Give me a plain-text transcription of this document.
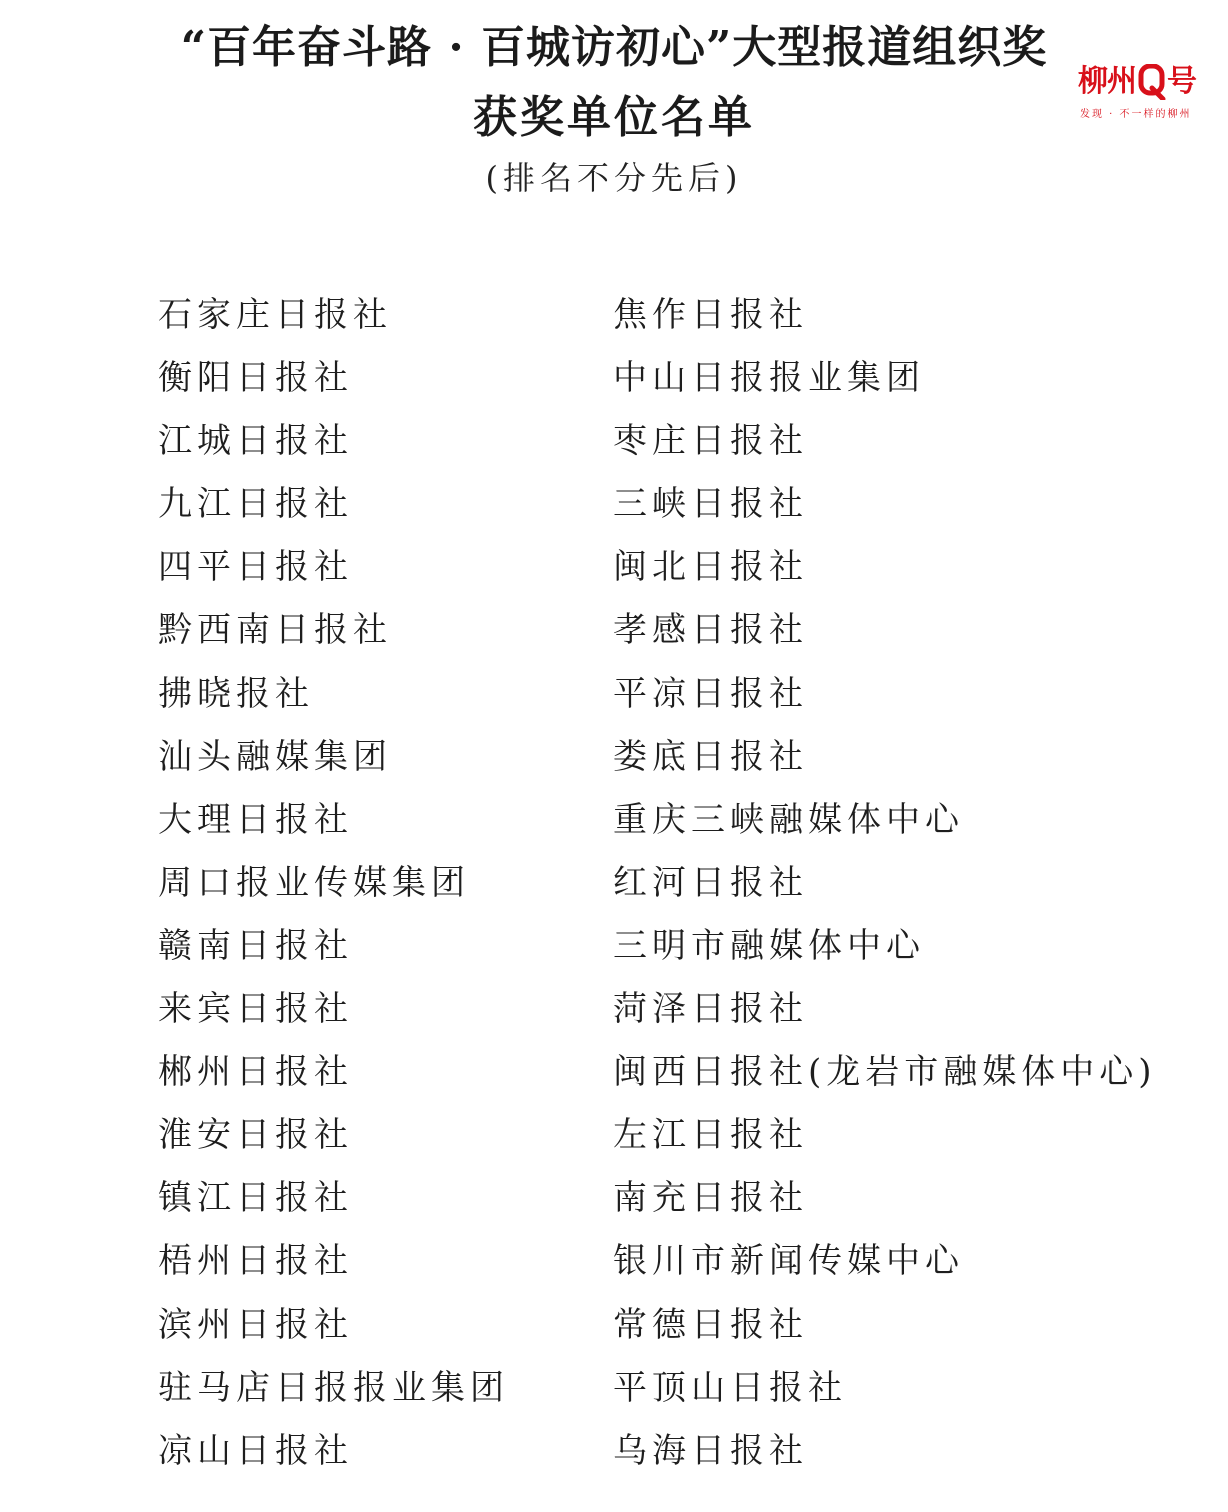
“百年奋斗路 · 百城访初心”大型报道组织奖
获奖单位名单
(排名不分先后)
柳州 号
发现 · 不一样的柳州
石家庄日报社
衡阳日报社
江城日报社
九江日报社
四平日报社
黔西南日报社
拂晓报社
汕头融媒集团
大理日报社
周口报业传媒集团
赣南日报社
来宾日报社
郴州日报社
淮安日报社
镇江日报社
梧州日报社
滨州日报社
驻马店日报报业集团
凉山日报社
焦作日报社
中山日报报业集团
枣庄日报社
三峡日报社
闽北日报社
孝感日报社
平凉日报社
娄底日报社
重庆三峡融媒体中心
红河日报社
三明市融媒体中心
菏泽日报社
闽西日报社(龙岩市融媒体中心)
左江日报社
南充日报社
银川市新闻传媒中心
常德日报社
平顶山日报社
乌海日报社
